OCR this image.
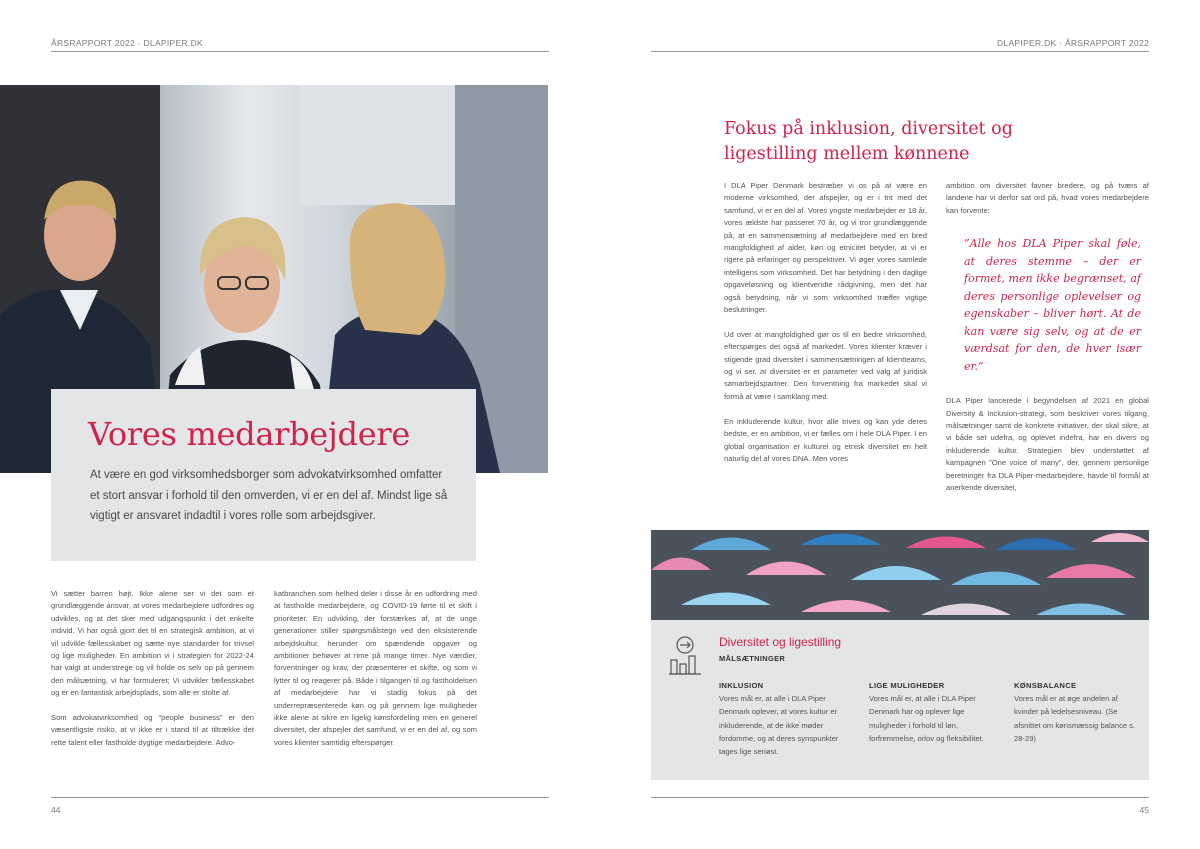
ÅRSRAPPORT 2022 · DLAPIPER.DK
Vores medarbejdere
At være en god virksomhedsborger som advokatvirksomhed omfatter et stort ansvar i forhold til den omverden, vi er en del af. Mindst lige så vigtigt er ansvaret indadtil i vores rolle som arbejdsgiver.

Vi sætter barren højt. Ikke alene ser vi det som et grundlæggende ansvar, at vores medarbejdere udfordres og udvikles, og at det sker med udgangspunkt i det enkelte individ. Vi har også gjort det til en strategisk ambition, at vi vil udvikle fællesskabet og sætte nye standarder for trivsel og lige muligheder. En ambition vi i strategien for 2022-24 har valgt at understrege og vil holde os selv op på gennem den målsætning, vi har formuleret; Vi udvikler fællesskabet og er en fantastisk arbejdsplads, som alle er stolte af.

Som advokatvirksomhed og "people business" er den væsentligste risiko, at vi ikke er i stand til at tiltrække det rette talent eller fastholde dygtige medarbejdere. Advo-

katbranchen som helhed deler i disse år en udfordring med at fastholde medarbejdere, og COVID-19 førte til et skift i prioriteter. En udvikling, der forstærkes af, at de unge generationer stiller spørgsmålstegn ved den eksisterende arbejdskultur, herunder om spændende opgaver og ambitioner behøver at rime på mange timer. Nye værdier, forventninger og krav, der præsenterer et skifte, og som vi lytter til og reagerer på. Både i tilgangen til og fastholdelsen af medarbejdere har vi stadig fokus på det underrepræsenterede køn og på gennem lige muligheder ikke alene at sikre en ligelig kønsfordeling men en generel diversitet, der afspejler det samfund, vi er en del af, og som vores klienter samtidig efterspørger.

44
DLAPIPER.DK · ÅRSRAPPORT 2022
Fokus på inklusion, diversitet og ligestilling mellem kønnene

I DLA Piper Denmark bestræber vi os på at være en moderne virksomhed, der afspejler, og er i trit med det samfund, vi er en del af. Vores yngste medarbejder er 18 år, vores ældste har passeret 70 år, og vi tror grundlæggende på, at en sammensætning af medarbejdere med en bred mangfoldighed af alder, køn og etnicitet betyder, at vi er rigere på erfaringer og perspektiver. Vi øger vores samlede intelligens som virksomhed. Det har betydning i den daglige opgaveløsning og klientvendte rådgivning, men det har også betydning, når vi som virksomhed træffer vigtige beslutninger.

Ud over at mangfoldighed gør os til en bedre virksomhed, efterspørges det også af markedet. Vores klienter kræver i stigende grad diversitet i sammensætningen af klientteams, og vi ser, at diversitet er et parameter ved valg af juridisk samarbejdspartner. Den forventning fra markedet skal vi formå at være i samklang med.

En inkluderende kultur, hvor alle trives og kan yde deres bedste, er en ambition, vi er fælles om i hele DLA Piper. I en global organisation er kulturel og etnisk diversitet en helt naturlig del af vores DNA. Men vores

ambition om diversitet favner bredere, og på tværs af landene har vi derfor sat ord på, hvad vores medarbejdere kan forvente:

”Alle hos DLA Piper skal føle, at deres stemme – der er formet, men ikke begrænset, af deres personlige oplevelser og egenskaber – bliver hørt. At de kan være sig selv, og at de er værdsat for den, de hver især er.”

DLA Piper lancerede i begyndelsen af 2021 en global Diversity & Inclusion-strategi, som beskriver vores tilgang, målsætninger samt de konkrete initiativer, der skal sikre, at vi både set udefra, og oplevet indefra, har en divers og inkluderende kultur. Strategien blev understøttet af kampagnen "One voice of many", der, gennem personlige beretninger fra DLA Piper-medarbejdere, havde til formål at anerkende diversitet,

Diversitet og ligestilling
MÅLSÆTNINGER
INKLUSION
Vores mål er, at alle i DLA Piper Denmark oplever, at vores kultur er inkluderende, at de ikke møder fordomme, og at deres synspunkter tages lige seriøst.
LIGE MULIGHEDER
Vores mål er, at alle i DLA Piper Denmark har og oplever lige muligheder i forhold til løn, forfremmelse, orlov og fleksibilitet.
KØNSBALANCE
Vores mål er at øge andelen af kvinder på ledelsesniveau. (Se afsnittet om kønsmæssig balance s. 28-29)
45
